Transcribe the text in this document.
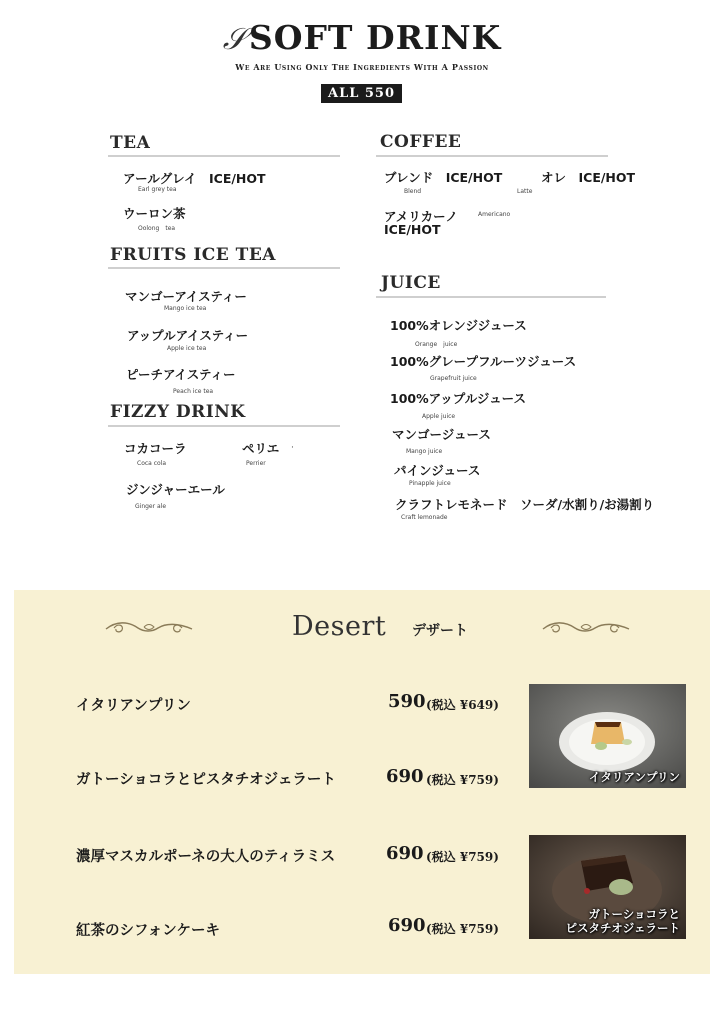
𝒮SOFT DRINK
We Are Using Only The Ingredients With A Passion
ALL 550
TEA
アールグレイ　ICE/HOT
Earl grey tea
ウーロン茶
Oolong　tea
FRUITS ICE TEA
マンゴーアイスティー
Mango ice tea
アップルアイスティー
Apple ice tea
ピーチアイスティー
Peach ice tea
FIZZY DRINK
コカコーラ
Coca cola
ペリエ
Perrier
·
ジンジャーエール
Ginger ale
COFFEE
ブレンド　ICE/HOT
Blend
オレ　ICE/HOT
Latte
アメリカーノ	Americano
ICE/HOT
JUICE
100%オレンジジュース
Orange　juice
100%グレープフルーツジュース
Grapefruit juice
100%アップルジュース
Apple juice
マンゴージュース
Mango juice
パインジュース
Pinapple juice
クラフトレモネード　ソーダ/水割り/お湯割り
Craft lemonade
Desert デザート
イタリアンプリン	590 (税込 ¥649)
ガトーショコラとピスタチオジェラート	690 (税込 ¥759)
濃厚マスカルポーネの大人のティラミス	690 (税込 ¥759)
紅茶のシフォンケーキ	690 (税込 ¥759)
イタリアンプリン
ガトーショコラと
ピスタチオジェラート
